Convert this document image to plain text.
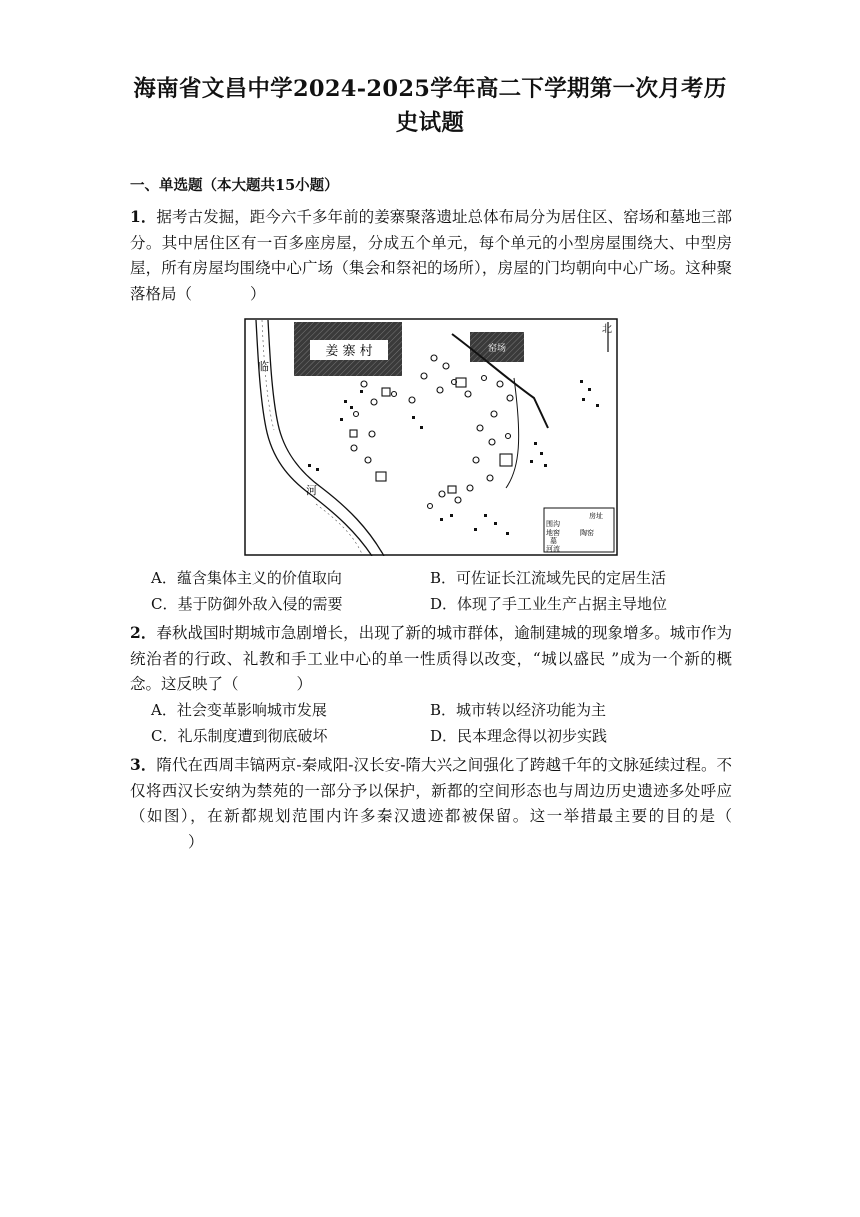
海南省文昌中学2024-2025学年高二下学期第一次月考历
史试题
一、单选题（本大题共15小题）
1．据考古发掘，距今六千多年前的姜寨聚落遗址总体布局分为居住区、窑场和墓地三部分。其中居住区有一百多座房屋，分成五个单元，每个单元的小型房屋围绕大、中型房屋，所有房屋均围绕中心广场（集会和祭祀的场所），房屋的门均朝向中心广场。这种聚落格局（	）
姜 寨 村	窑场
北
临
河
房址
围沟
地窖	陶窑
墓
河流
A．蕴含集体主义的价值取向	B．可佐证长江流域先民的定居生活
C．基于防御外敌入侵的需要	D．体现了手工业生产占据主导地位
2．春秋战国时期城市急剧增长，出现了新的城市群体，逾制建城的现象增多。城市作为统治者的行政、礼教和手工业中心的单一性质得以改变，“城以盛民 ”成为一个新的概念。这反映了（	）
A．社会变革影响城市发展	B．城市转以经济功能为主
C．礼乐制度遭到彻底破坏	D．民本理念得以初步实践
3．隋代在西周丰镐两京-秦咸阳-汉长安-隋大兴之间强化了跨越千年的文脉延续过程。不仅将西汉长安纳为禁苑的一部分予以保护，新都的空间形态也与周边历史遗迹多处呼应（如图），在新都规划范围内许多秦汉遗迹都被保留。这一举措最主要的目的是（）
